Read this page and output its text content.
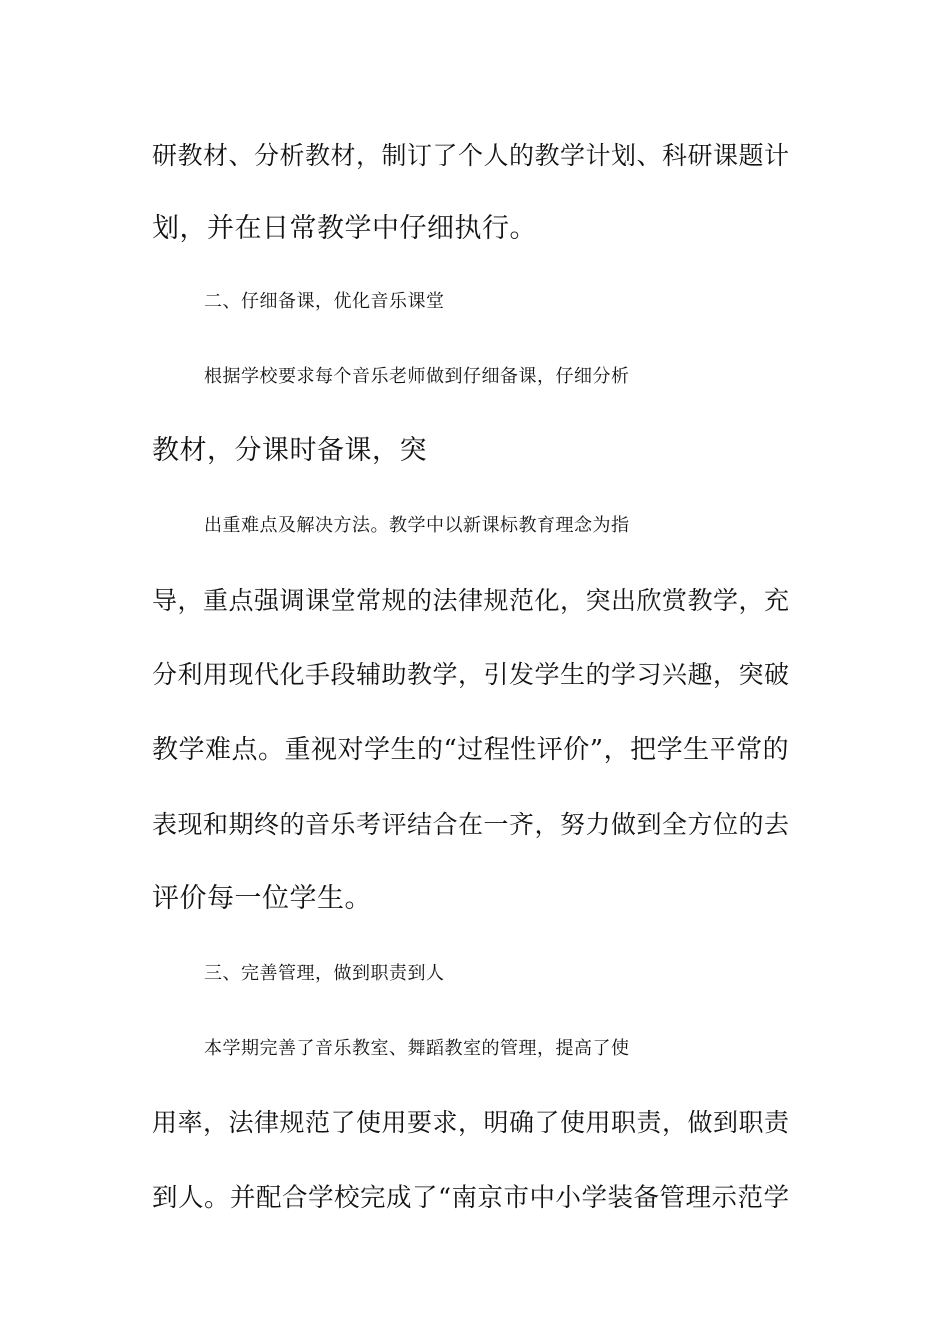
研教材、分析教材，制订了个人的教学计划、科研课题计
划，并在日常教学中仔细执行。
二、仔细备课，优化音乐课堂
根据学校要求每个音乐老师做到仔细备课，仔细分析
教材，分课时备课，突
出重难点及解决方法。教学中以新课标教育理念为指
导，重点强调课堂常规的法律规范化，突出欣赏教学，充
分利用现代化手段辅助教学，引发学生的学习兴趣，突破
教学难点。重视对学生的“过程性评价”，把学生平常的
表现和期终的音乐考评结合在一齐，努力做到全方位的去
评价每一位学生。
三、完善管理，做到职责到人
本学期完善了音乐教室、舞蹈教室的管理，提高了使
用率，法律规范了使用要求，明确了使用职责，做到职责
到人。并配合学校完成了“南京市中小学装备管理示范学
